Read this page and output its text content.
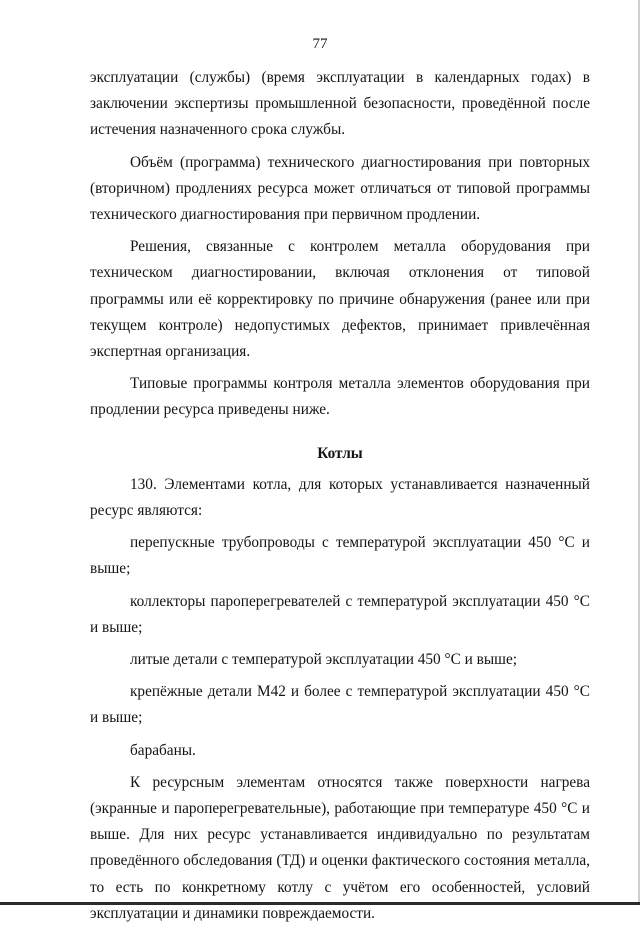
77

эксплуатации (службы) (время эксплуатации в календарных годах) в заключении экспертизы промышленной безопасности, проведённой после истечения назначенного срока службы.

Объём (программа) технического диагностирования при повторных (вторичном) продлениях ресурса может отличаться от типовой программы технического диагностирования при первичном продлении.

Решения, связанные с контролем металла оборудования при техническом диагностировании, включая отклонения от типовой программы или её корректировку по причине обнаружения (ранее или при текущем контроле) недопустимых дефектов, принимает привлечённая экспертная организация.

Типовые программы контроля металла элементов оборудования при продлении ресурса приведены ниже.

Котлы

130. Элементами котла, для которых устанавливается назначенный ресурс являются:

перепускные трубопроводы с температурой эксплуатации 450 °С и выше;

коллекторы пароперегревателей с температурой эксплуатации 450 °С и выше;

литые детали с температурой эксплуатации 450 °С и выше;

крепёжные детали М42 и более с температурой эксплуатации 450 °С и выше;

барабаны.

К ресурсным элементам относятся также поверхности нагрева (экранные и пароперегревательные), работающие при температуре 450 °С и выше. Для них ресурс устанавливается индивидуально по результатам проведённого обследования (ТД) и оценки фактического состояния металла, то есть по конкретному котлу с учётом его особенностей, условий эксплуатации и динамики повреждаемости.
